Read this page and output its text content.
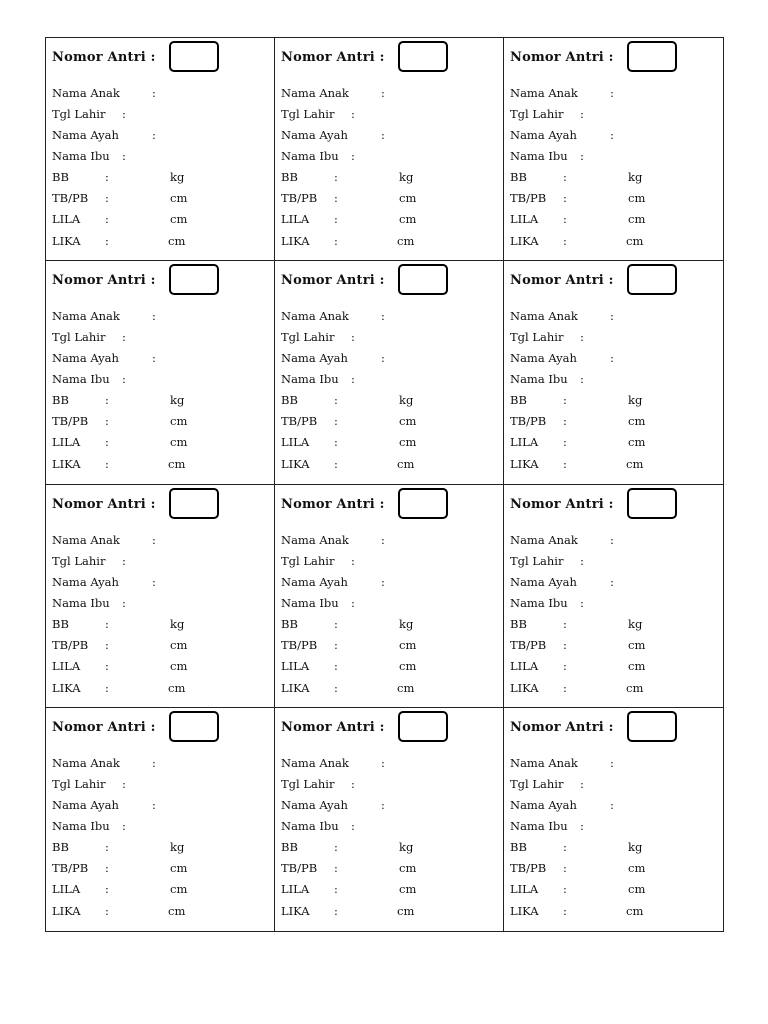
Nomor Antri :
Nama Anak	:
Tgl Lahir :
Nama Ayah	:
Nama Ibu :
BB	:	kg
TB/PB :	cm
LILA :	cm
LIKA :	cm
Nomor Antri :
Nama Anak	:
Tgl Lahir :
Nama Ayah	:
Nama Ibu :
BB	:	kg
TB/PB :	cm
LILA :	cm
LIKA :	cm
Nomor Antri :
Nama Anak	:
Tgl Lahir :
Nama Ayah	:
Nama Ibu :
BB	:	kg
TB/PB :	cm
LILA :	cm
LIKA :	cm
Nomor Antri :
Nama Anak	:
Tgl Lahir :
Nama Ayah	:
Nama Ibu :
BB	:	kg
TB/PB :	cm
LILA :	cm
LIKA :	cm
Nomor Antri :
Nama Anak	:
Tgl Lahir :
Nama Ayah	:
Nama Ibu :
BB	:	kg
TB/PB :	cm
LILA :	cm
LIKA :	cm
Nomor Antri :
Nama Anak	:
Tgl Lahir :
Nama Ayah	:
Nama Ibu :
BB	:	kg
TB/PB :	cm
LILA :	cm
LIKA :	cm
Nomor Antri :
Nama Anak	:
Tgl Lahir :
Nama Ayah	:
Nama Ibu :
BB	:	kg
TB/PB :	cm
LILA :	cm
LIKA :	cm
Nomor Antri :
Nama Anak	:
Tgl Lahir :
Nama Ayah	:
Nama Ibu :
BB	:	kg
TB/PB :	cm
LILA :	cm
LIKA :	cm
Nomor Antri :
Nama Anak	:
Tgl Lahir :
Nama Ayah	:
Nama Ibu :
BB	:	kg
TB/PB :	cm
LILA :	cm
LIKA :	cm
Nomor Antri :
Nama Anak	:
Tgl Lahir :
Nama Ayah	:
Nama Ibu :
BB	:	kg
TB/PB :	cm
LILA :	cm
LIKA :	cm
Nomor Antri :
Nama Anak	:
Tgl Lahir :
Nama Ayah	:
Nama Ibu :
BB	:	kg
TB/PB :	cm
LILA :	cm
LIKA :	cm
Nomor Antri :
Nama Anak	:
Tgl Lahir :
Nama Ayah	:
Nama Ibu :
BB	:	kg
TB/PB :	cm
LILA :	cm
LIKA :	cm
